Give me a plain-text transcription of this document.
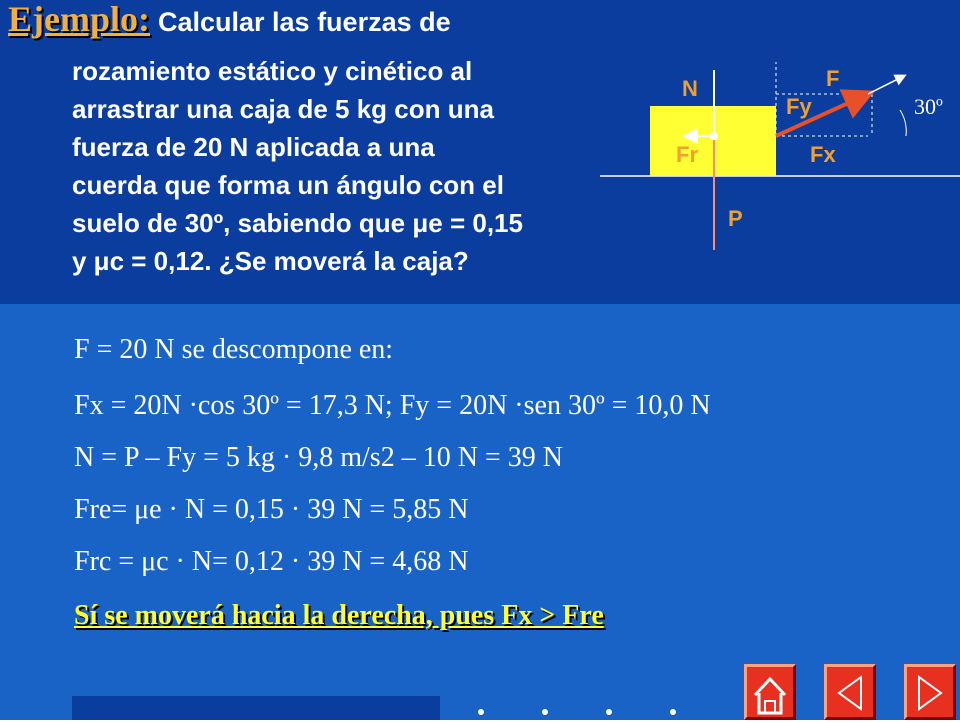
Ejemplo: Calcular las fuerzas de
rozamiento estático y cinético al
arrastrar una caja de 5 kg con una
fuerza de 20 N aplicada a una
cuerda que forma un ángulo con el
suelo de 30º, sabiendo que μe = 0,15
y μc = 0,12. ¿Se moverá la caja?
N	F
Fy
Fr	Fx
P
30º
F = 20 N se descompone en:
Fx = 20N ·cos 30º = 17,3 N; Fy = 20N ·sen 30º = 10,0 N
N = P – Fy = 5 kg · 9,8 m/s2 – 10 N = 39 N
Fre= μe · N = 0,15 · 39 N = 5,85 N
Frc = μc · N= 0,12 · 39 N = 4,68 N
Sí se moverá hacia la derecha, pues Fx > Fre
